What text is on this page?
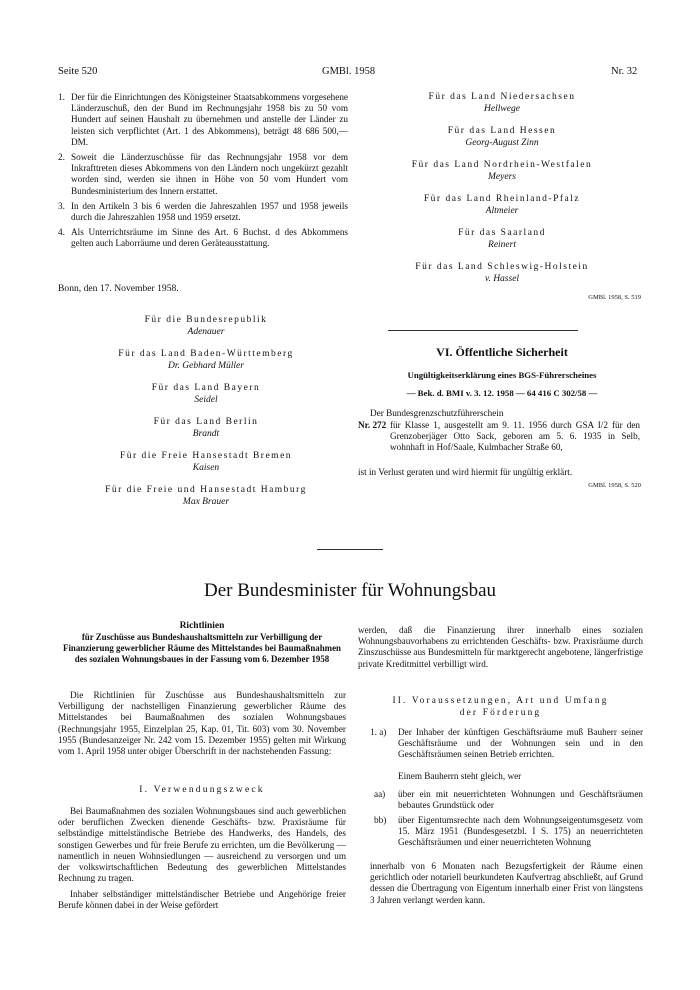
Seite 520	GMBl. 1958	Nr. 32
1. Der für die Einrichtungen des Königsteiner Staatsabkommens vorgesehene Länderzuschuß, den der Bund im Rechnungsjahr 1958 bis zu 50 vom Hundert auf seinen Haushalt zu übernehmen und anstelle der Länder zu leisten sich verpflichtet (Art. 1 des Abkommens), beträgt 48 686 500,— DM.
2. Soweit die Länderzuschüsse für das Rechnungsjahr 1958 vor dem Inkrafttreten dieses Abkommens von den Ländern noch ungekürzt gezahlt worden sind, werden sie ihnen in Höhe von 50 vom Hundert vom Bundesministerium des Innern erstattet.
3. In den Artikeln 3 bis 6 werden die Jahreszahlen 1957 und 1958 jeweils durch die Jahreszahlen 1958 und 1959 ersetzt.
4. Als Unterrichtsräume im Sinne des Art. 6 Buchst. d des Abkommens gelten auch Laborräume und deren Geräteausstattung.
Bonn, den 17. November 1958.
Für die Bundesrepublik
Adenauer
Für das Land Baden-Württemberg
Dr. Gebhard Müller
Für das Land Bayern
Seidel
Für das Land Berlin
Brandt
Für die Freie Hansestadt Bremen
Kaisen
Für die Freie und Hansestadt Hamburg
Max Brauer
Für das Land Niedersachsen
Hellwege
Für das Land Hessen
Georg-August Zinn
Für das Land Nordrhein-Westfalen
Meyers
Für das Land Rheinland-Pfalz
Altmeier
Für das Saarland
Reinert
Für das Land Schleswig-Holstein
v. Hassel
GMBl. 1958, S. 519
VI. Öffentliche Sicherheit
Ungültigkeitserklärung eines BGS-Führerscheines
— Bek. d. BMI v. 3. 12. 1958 — 64 416 C 302/58 —
Der Bundesgrenzschutzführerschein
Nr. 272 für Klasse 1, ausgestellt am 9. 11. 1956 durch GSA I/2 für den Grenzoberjäger Otto Sack, geboren am 5. 6. 1935 in Selb, wohnhaft in Hof/Saale, Kulmbacher Straße 60,
ist in Verlust geraten und wird hiermit für ungültig erklärt.
GMBl. 1958, S. 520
Der Bundesminister für Wohnungsbau
Richtlinien
für Zuschüsse aus Bundeshaushaltsmitteln zur Verbilligung der Finanzierung gewerblicher Räume des Mittelstandes bei Baumaßnahmen des sozialen Wohnungsbaues in der Fassung vom 6. Dezember 1958
Die Richtlinien für Zuschüsse aus Bundeshaushaltsmitteln zur Verbilligung der nachstelligen Finanzierung gewerblicher Räume des Mittelstandes bei Baumaßnahmen des sozialen Wohnungsbaues (Rechnungsjahr 1955, Einzelplan 25, Kap. 01, Tit. 603) vom 30. November 1955 (Bundesanzeiger Nr. 242 vom 15. Dezember 1955) gelten mit Wirkung vom 1. April 1958 unter obiger Überschrift in der nachstehenden Fassung:
I. Verwendungszweck
Bei Baumaßnahmen des sozialen Wohnungsbaues sind auch gewerblichen oder beruflichen Zwecken dienende Geschäfts- bzw. Praxisräume für selbständige mittelständische Betriebe des Handwerks, des Handels, des sonstigen Gewerbes und für freie Berufe zu errichten, um die Bevölkerung — namentlich in neuen Wohnsiedlungen — ausreichend zu versorgen und um der volkswirtschaftlichen Bedeutung des gewerblichen Mittelstandes Rechnung zu tragen.
Inhaber selbständiger mittelständischer Betriebe und Angehörige freier Berufe können dabei in der Weise gefördert
werden, daß die Finanzierung ihrer innerhalb eines sozialen Wohnungsbauvorhabens zu errichtenden Geschäfts- bzw. Praxisräume durch Zinszuschüsse aus Bundesmitteln für marktgerecht angebotene, längerfristige private Kreditmittel verbilligt wird.
II. Voraussetzungen, Art und Umfang
der Förderung
1. a) Der Inhaber der künftigen Geschäftsräume muß Bauherr seiner Geschäftsräume und der Wohnungen sein und in den Geschäftsräumen seinen Betrieb errichten.
Einem Bauherrn steht gleich, wer
aa) über ein mit neuerrichteten Wohnungen und Geschäftsräumen bebautes Grundstück oder
bb) über Eigentumsrechte nach dem Wohnungseigentumsgesetz vom 15. März 1951 (Bundesgesetzbl. I S. 175) an neuerrichteten Geschäftsräumen und einer neuerrichteten Wohnung
innerhalb von 6 Monaten nach Bezugsfertigkeit der Räume einen gerichtlich oder notariell beurkundeten Kaufvertrag abschließt, auf Grund dessen die Übertragung von Eigentum innerhalb einer Frist von längstens 3 Jahren verlangt werden kann.
